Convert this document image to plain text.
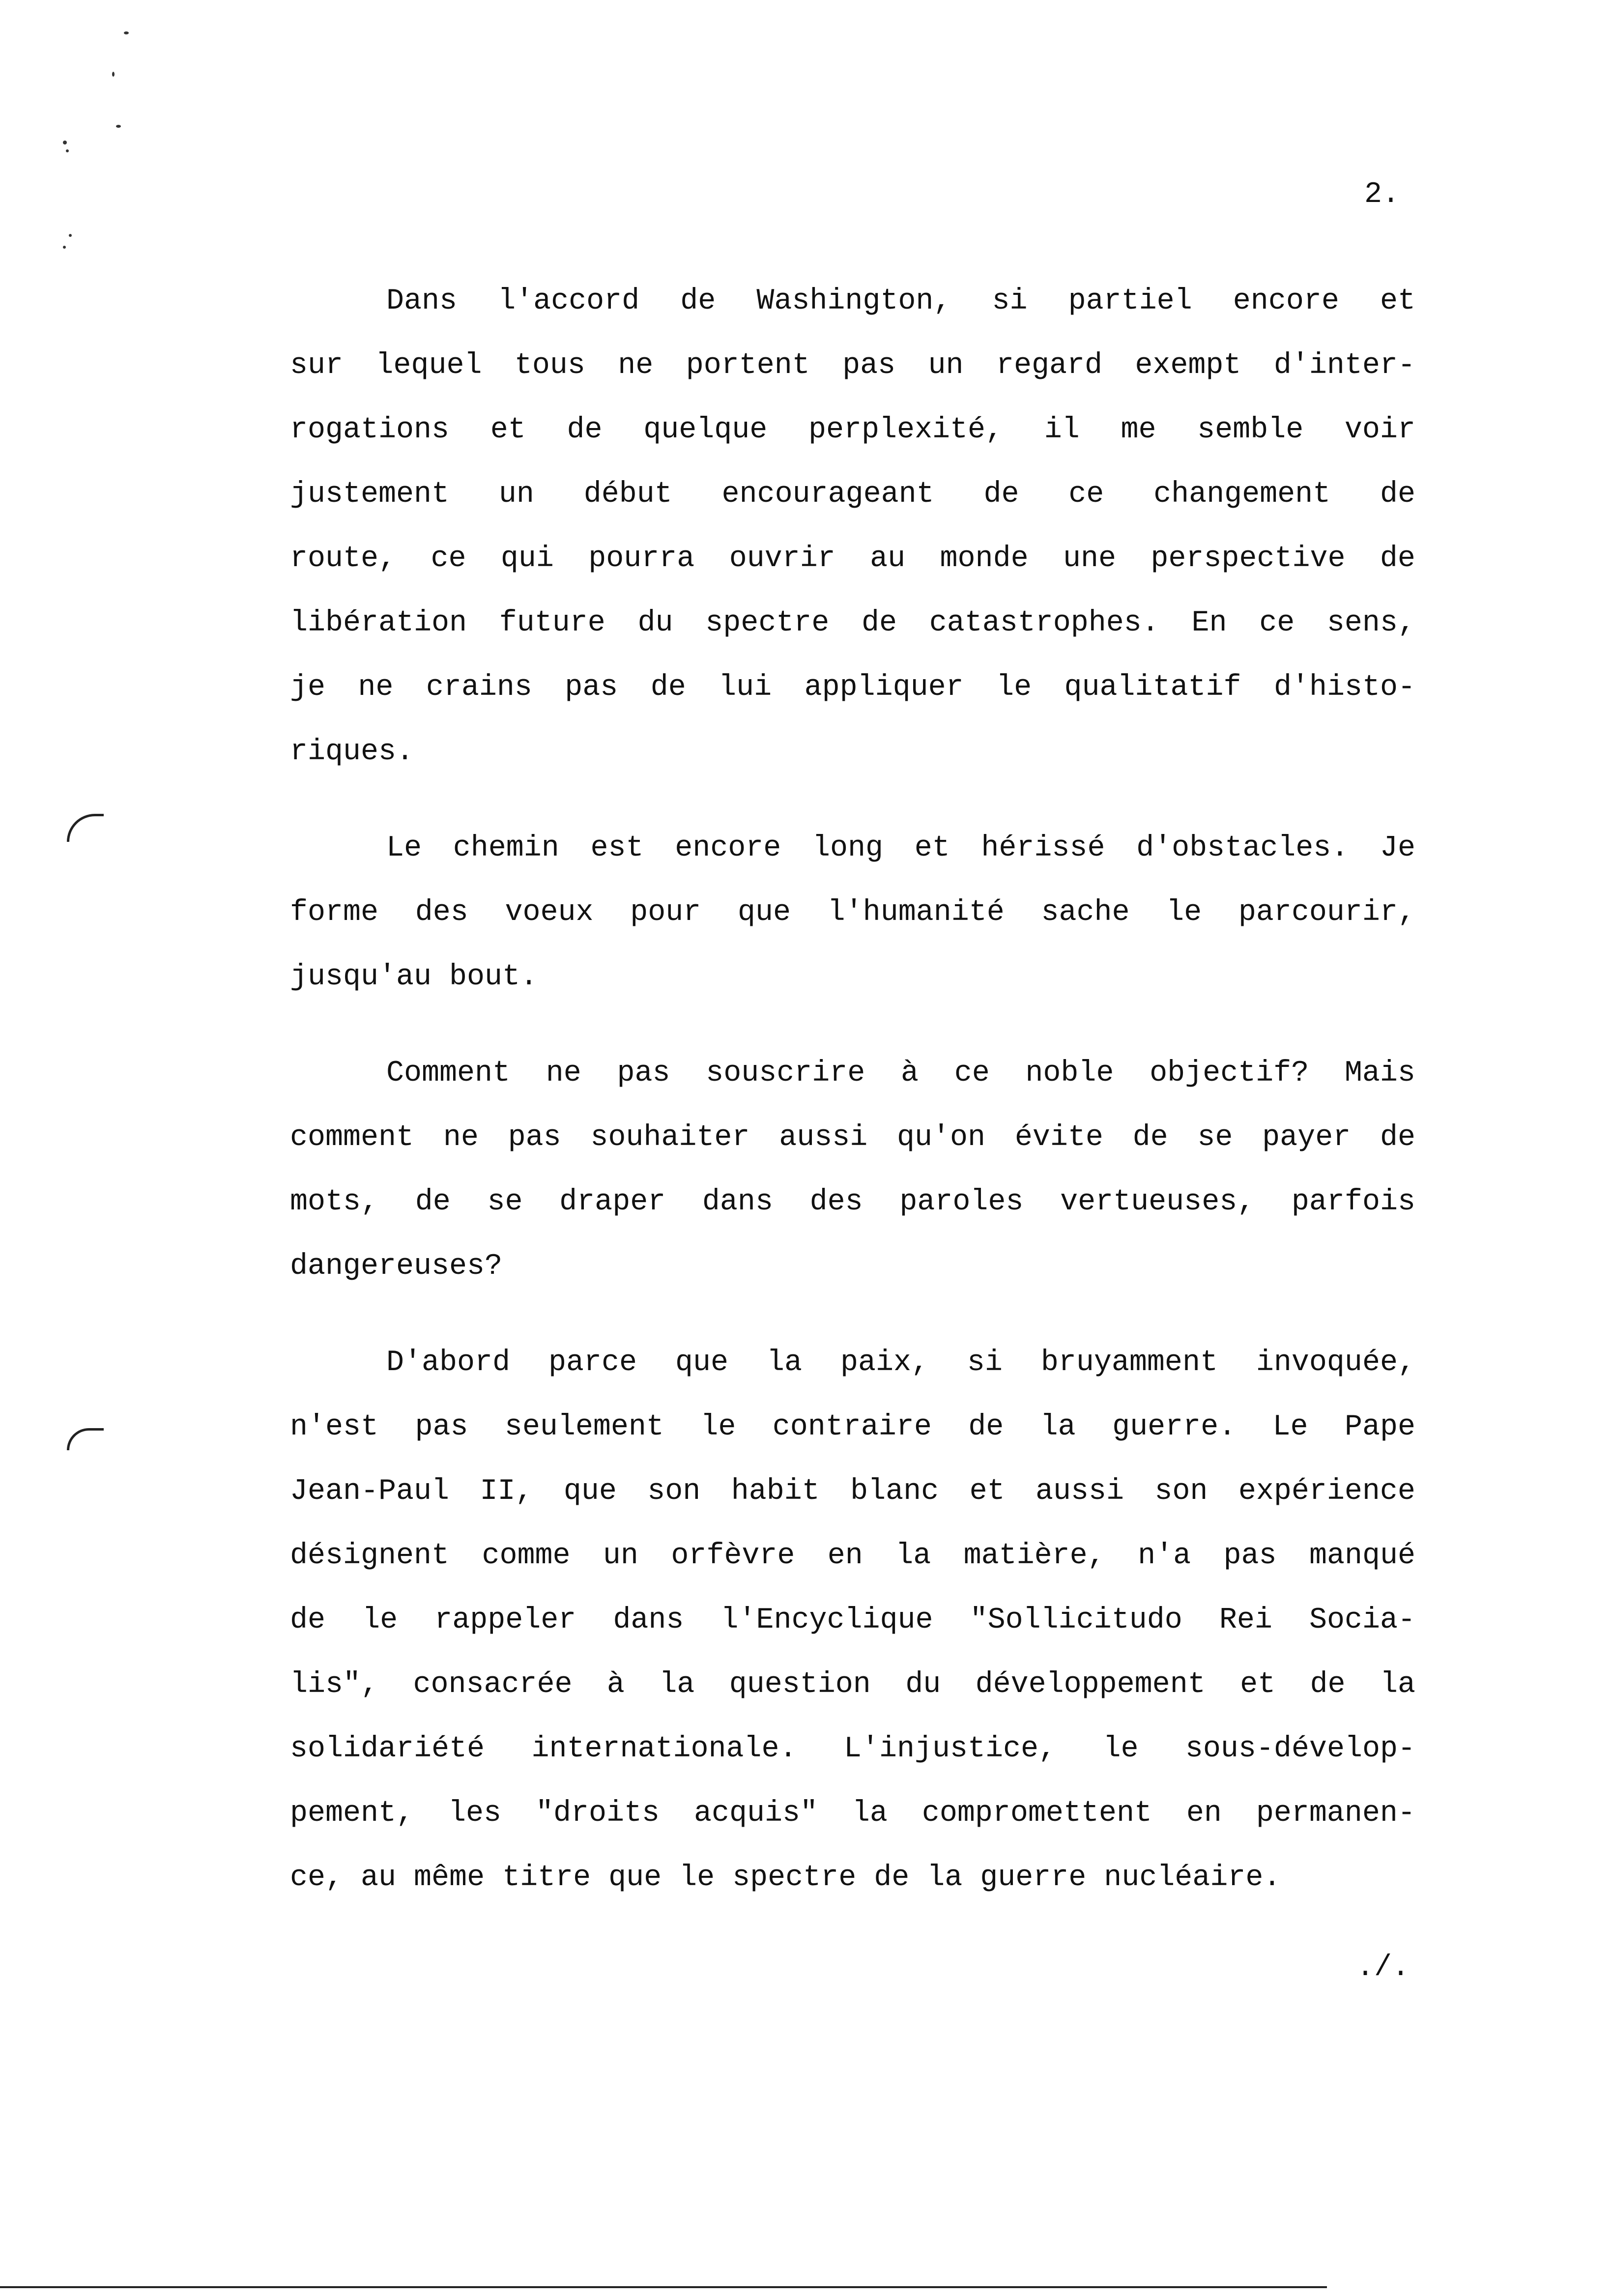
2.
Dans l'accord de Washington, si partiel encore et
sur lequel tous ne portent pas un regard exempt d'inter-
rogations et de quelque perplexité, il me semble voir
justement un début encourageant de ce changement de
route, ce qui pourra ouvrir au monde une perspective de
libération future du spectre de catastrophes. En ce sens,
je ne crains pas de lui appliquer le qualitatif d'histo-
riques.
Le chemin est encore long et hérissé d'obstacles. Je
forme des voeux pour que l'humanité sache le parcourir,
jusqu'au bout.
Comment ne pas souscrire à ce noble objectif? Mais
comment ne pas souhaiter aussi qu'on évite de se payer de
mots, de se draper dans des paroles vertueuses, parfois
dangereuses?
D'abord parce que la paix, si bruyamment invoquée,
n'est pas seulement le contraire de la guerre. Le Pape
Jean-Paul II, que son habit blanc et aussi son expérience
désignent comme un orfèvre en la matière, n'a pas manqué
de le rappeler dans l'Encyclique "Sollicitudo Rei Socia-
lis", consacrée à la question du développement et de la
solidariété internationale. L'injustice, le sous-dévelop-
pement, les "droits acquis" la compromettent en permanen-
ce, au même titre que le spectre de la guerre nucléaire.
./.
